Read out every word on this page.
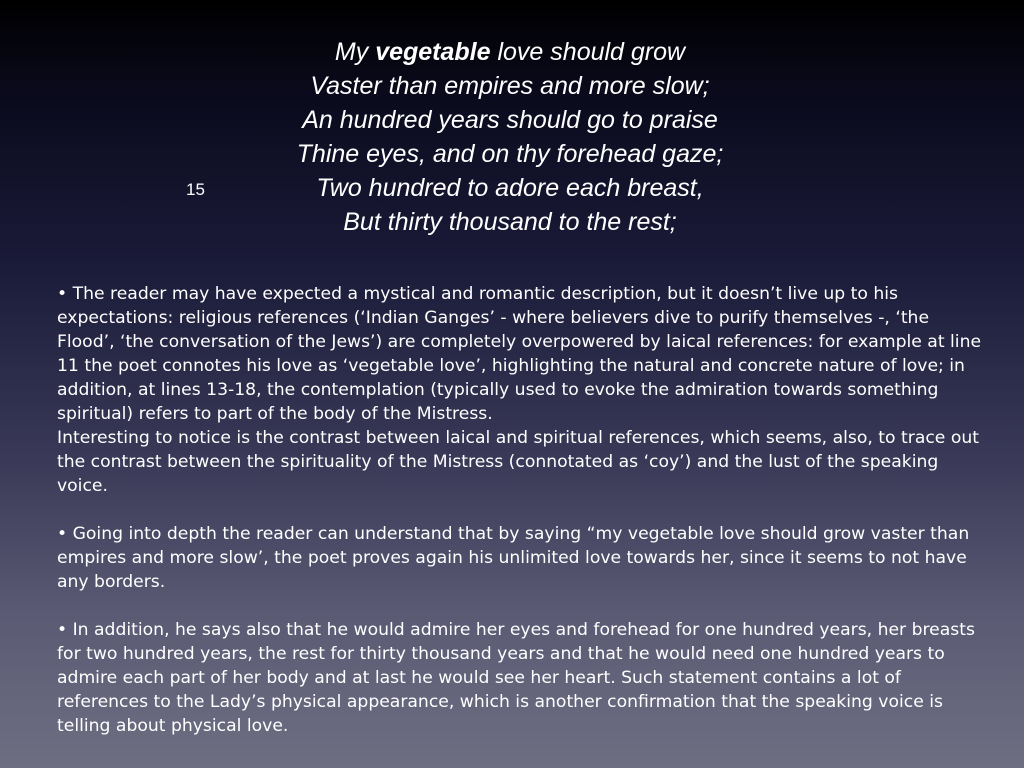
My vegetable love should grow
Vaster than empires and more slow;
An hundred years should go to praise
Thine eyes, and on thy forehead gaze;
Two hundred to adore each breast,
But thirty thousand to the rest;
15

• The reader may have expected a mystical and romantic description, but it doesn’t live up to his expectations: religious references (‘Indian Ganges’ - where believers dive to purify themselves -, ‘the Flood’, ‘the conversation of the Jews’) are completely overpowered by laical references: for example at line 11 the poet connotes his love as ‘vegetable love’, highlighting the natural and concrete nature of love; in addition, at lines 13-18, the contemplation (typically used to evoke the admiration towards something spiritual) refers to part of the body of the Mistress.
Interesting to notice is the contrast between laical and spiritual references, which seems, also, to trace out the contrast between the spirituality of the Mistress (connotated as ‘coy’) and the lust of the speaking voice.

• Going into depth the reader can understand that by saying “my vegetable love should grow vaster than empires and more slow’, the poet proves again his unlimited love towards her, since it seems to not have any borders.

• In addition, he says also that he would admire her eyes and forehead for one hundred years, her breasts for two hundred years, the rest for thirty thousand years and that he would need one hundred years to admire each part of her body and at last he would see her heart. Such statement contains a lot of references to the Lady’s physical appearance, which is another confirmation that the speaking voice is telling about physical love.
